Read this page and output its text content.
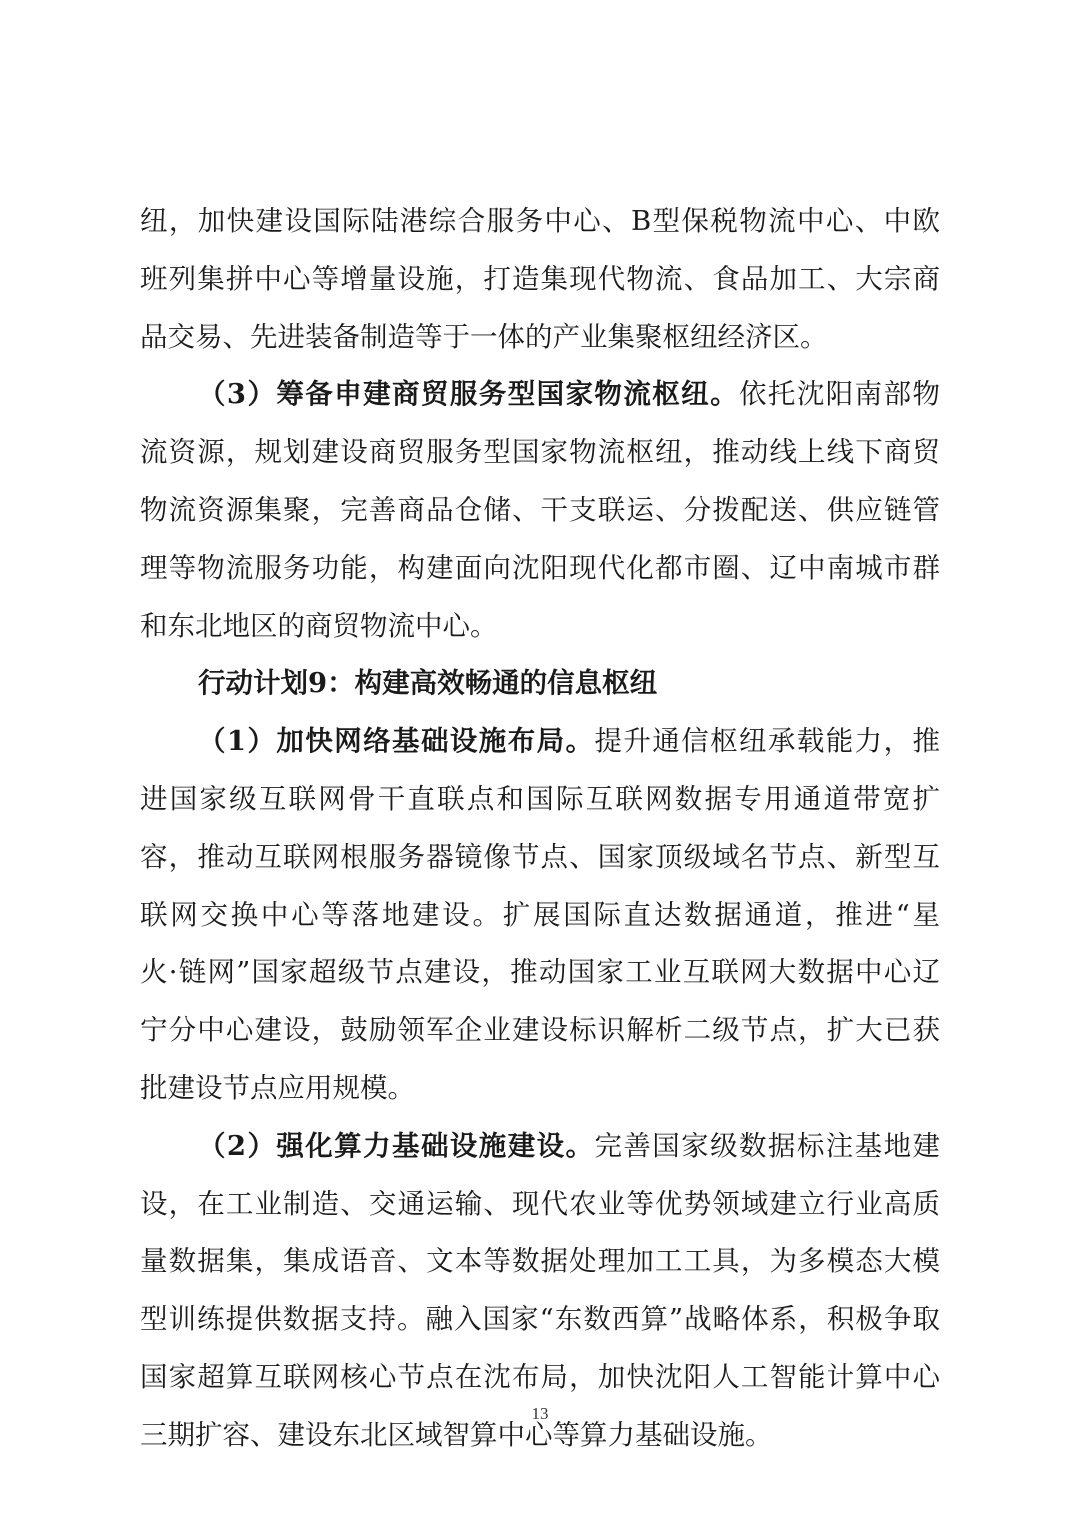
纽，加快建设国际陆港综合服务中心、B型保税物流中心、中欧
班列集拼中心等增量设施，打造集现代物流、食品加工、大宗商
品交易、先进装备制造等于一体的产业集聚枢纽经济区。
（3）筹备申建商贸服务型国家物流枢纽。依托沈阳南部物
流资源，规划建设商贸服务型国家物流枢纽，推动线上线下商贸
物流资源集聚，完善商品仓储、干支联运、分拨配送、供应链管
理等物流服务功能，构建面向沈阳现代化都市圈、辽中南城市群
和东北地区的商贸物流中心。
行动计划9：构建高效畅通的信息枢纽
（1）加快网络基础设施布局。提升通信枢纽承载能力，推
进国家级互联网骨干直联点和国际互联网数据专用通道带宽扩
容，推动互联网根服务器镜像节点、国家顶级域名节点、新型互
联网交换中心等落地建设。扩展国际直达数据通道，推进“星
火·链网”国家超级节点建设，推动国家工业互联网大数据中心辽
宁分中心建设，鼓励领军企业建设标识解析二级节点，扩大已获
批建设节点应用规模。
（2）强化算力基础设施建设。完善国家级数据标注基地建
设，在工业制造、交通运输、现代农业等优势领域建立行业高质
量数据集，集成语音、文本等数据处理加工工具，为多模态大模
型训练提供数据支持。融入国家“东数西算”战略体系，积极争取
国家超算互联网核心节点在沈布局，加快沈阳人工智能计算中心
三期扩容、建设东北区域智算中心等算力基础设施。
13
